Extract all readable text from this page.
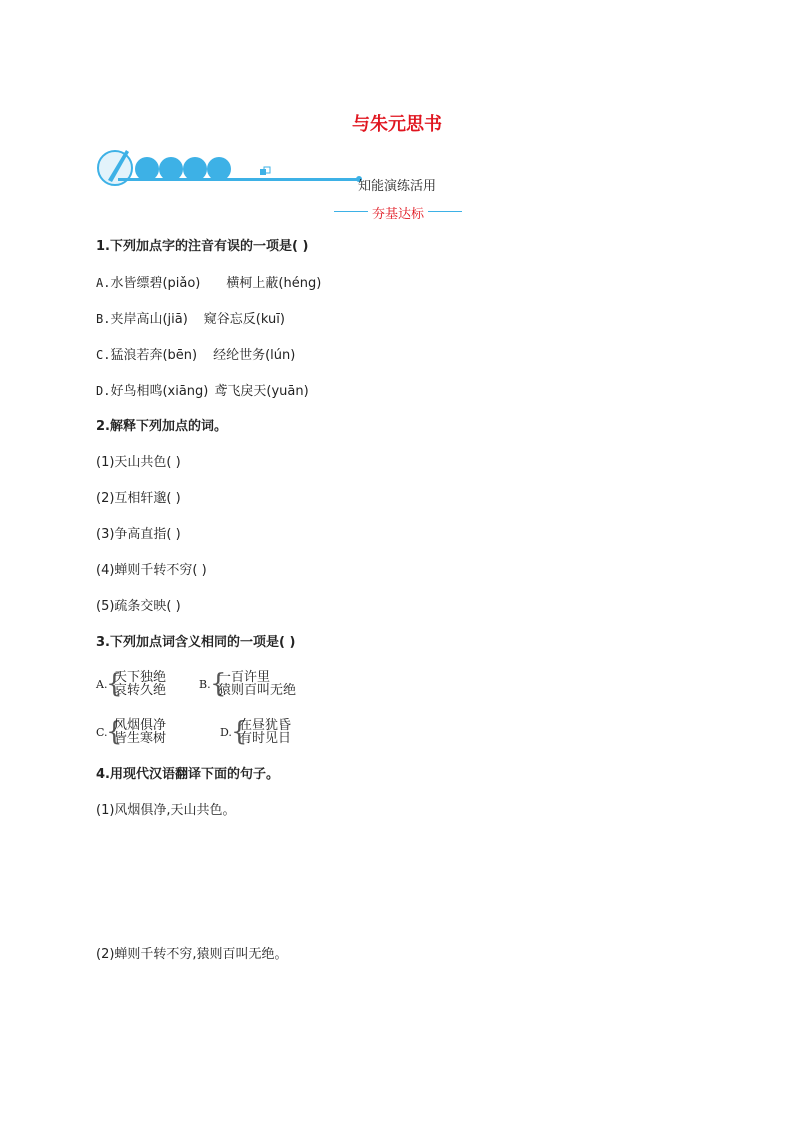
与朱元思书
知能演练活用
夯基达标
1.下列加点字的注音有误的一项是( )
A.水皆缥碧(piǎo) 横柯上蔽(héng)
B.夹岸高山(jiā) 窥谷忘反(kuī)
C.猛浪若奔(bēn) 经纶世务(lún)
D.好鸟相鸣(xiāng) 鸢飞戾天(yuān)
2.解释下列加点的词。
(1)天山共色( )
(2)互相轩邈( )
(3)争高直指( )
(4)蝉则千转不穷( )
(5)疏条交映( )
3.下列加点词含义相同的一项是( )
A.
{
天下独绝
哀转久绝	B. {
一百许里
猿则百叫无绝
C.
{
风烟俱净
皆生寒树	D. {
在昼犹昏
有时见日
4.用现代汉语翻译下面的句子。
(1)风烟俱净,天山共色。
(2)蝉则千转不穷,猿则百叫无绝。
